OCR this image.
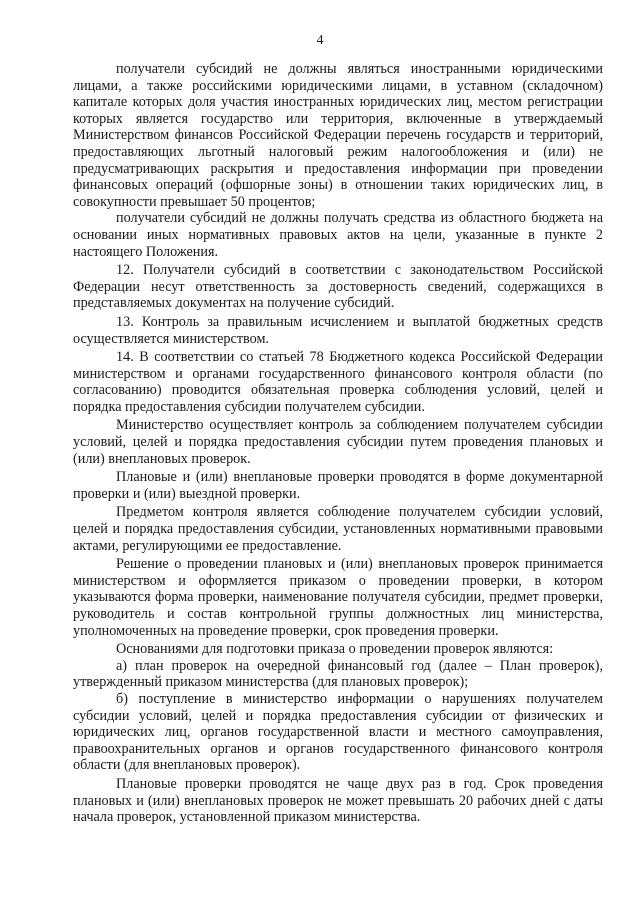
4

получатели субсидий не должны являться иностранными юридическими лицами, а также российскими юридическими лицами, в уставном (складочном) капитале которых доля участия иностранных юридических лиц, местом регистрации которых является государство или территория, включенные в утверждаемый Министерством финансов Российской Федерации перечень государств и территорий, предоставляющих льготный налоговый режим налогообложения и (или) не предусматривающих раскрытия и предоставления информации при проведении финансовых операций (офшорные зоны) в отношении таких юридических лиц, в совокупности превышает 50 процентов;

получатели субсидий не должны получать средства из областного бюджета на основании иных нормативных правовых актов на цели, указанные в пункте 2 настоящего Положения.

12. Получатели субсидий в соответствии с законодательством Российской Федерации несут ответственность за достоверность сведений, содержащихся в представляемых документах на получение субсидий.

13. Контроль за правильным исчислением и выплатой бюджетных средств осуществляется министерством.

14. В соответствии со статьей 78 Бюджетного кодекса Российской Федерации министерством и органами государственного финансового контроля области (по согласованию) проводится обязательная проверка соблюдения условий, целей и порядка предоставления субсидии получателем субсидии.

Министерство осуществляет контроль за соблюдением получателем субсидии условий, целей и порядка предоставления субсидии путем проведения плановых и (или) внеплановых проверок.

Плановые и (или) внеплановые проверки проводятся в форме документарной проверки и (или) выездной проверки.

Предметом контроля является соблюдение получателем субсидии условий, целей и порядка предоставления субсидии, установленных нормативными правовыми актами, регулирующими ее предоставление.

Решение о проведении плановых и (или) внеплановых проверок принимается министерством и оформляется приказом о проведении проверки, в котором указываются форма проверки, наименование получателя субсидии, предмет проверки, руководитель и состав контрольной группы должностных лиц министерства, уполномоченных на проведение проверки, срок проведения проверки.

Основаниями для подготовки приказа о проведении проверок являются:

а) план проверок на очередной финансовый год (далее – План проверок), утвержденный приказом министерства (для плановых проверок);

б) поступление в министерство информации о нарушениях получателем субсидии условий, целей и порядка предоставления субсидии от физических и юридических лиц, органов государственной власти и местного самоуправления, правоохранительных органов и органов государственного финансового контроля области (для внеплановых проверок).

Плановые проверки проводятся не чаще двух раз в год. Срок проведения плановых и (или) внеплановых проверок не может превышать 20 рабочих дней с даты начала проверок, установленной приказом министерства.
